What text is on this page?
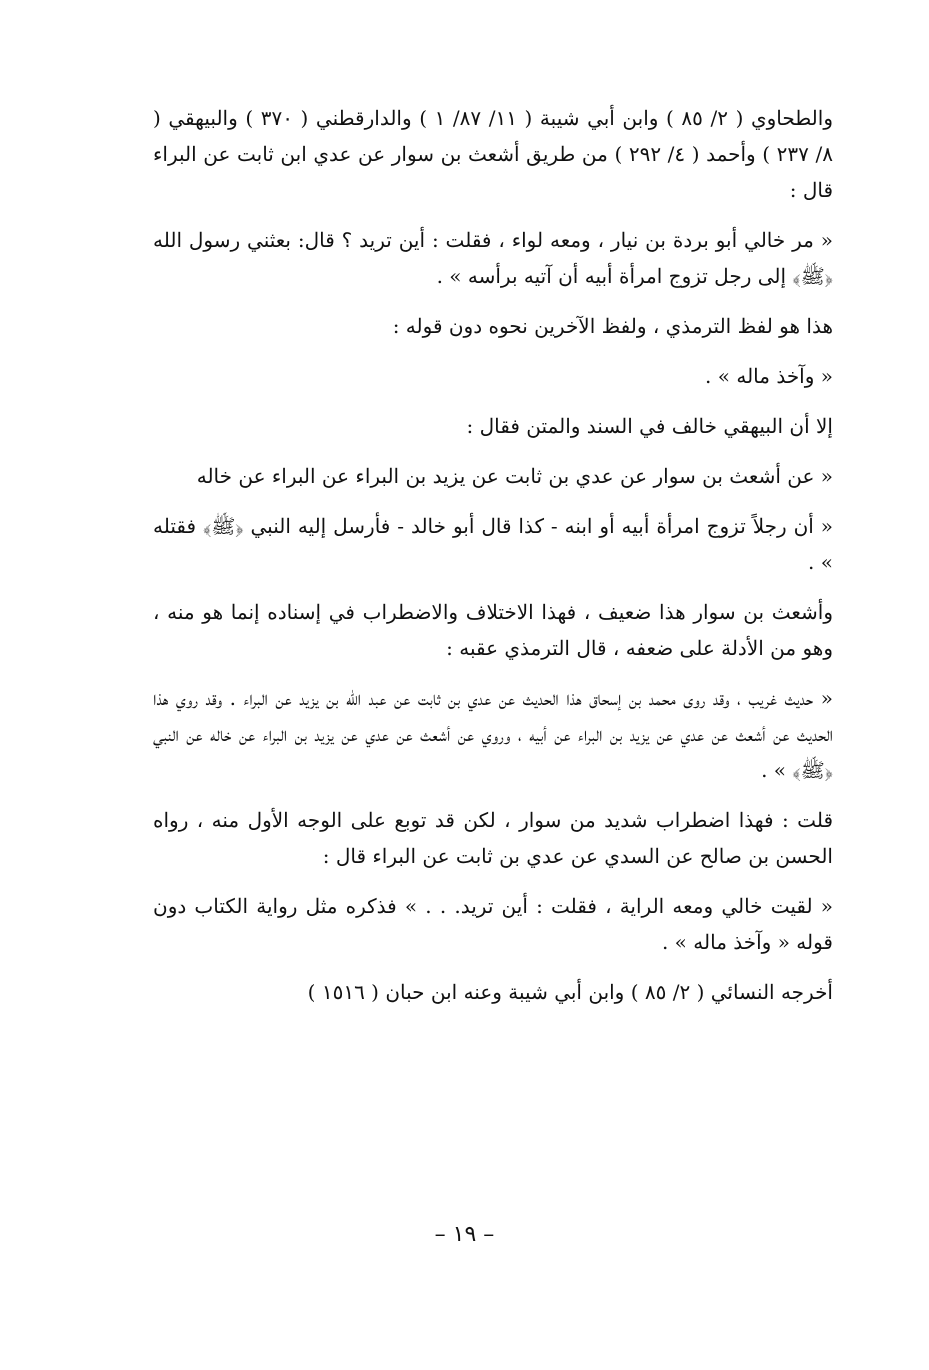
والطحاوي ( ٢/ ٨٥ ) وابن أبي شيبة ( ١١/ ٨٧/ ١ ) والدارقطني ( ٣٧٠ ) والبيهقي ( ٨/ ٢٣٧ ) وأحمد ( ٤/ ٢٩٢ ) من طريق أشعث بن سوار عن عدي ابن ثابت عن البراء قال :

« مر خالي أبو بردة بن نيار ، ومعه لواء ، فقلت : أين تريد ؟ قال: بعثني رسول الله ﴿ﷺ﴾ إلى رجل تزوج امرأة أبيه أن آتيه برأسه » .

هذا هو لفظ الترمذي ، ولفظ الآخرين نحوه دون قوله :

« وآخذ ماله » .

إلا أن البيهقي خالف في السند والمتن فقال :

« عن أشعث بن سوار عن عدي بن ثابت عن يزيد بن البراء عن البراء عن خاله

« أن رجلاً تزوج امرأة أبيه أو ابنه - كذا قال أبو خالد - فأرسل إليه النبي ﴿ﷺ﴾ فقتله » .

وأشعث بن سوار هذا ضعيف ، فهذا الاختلاف والاضطراب في إسناده إنما هو منه ، وهو من الأدلة على ضعفه ، قال الترمذي عقبه :

« حديث غريب ، وقد روى محمد بن إسحاق هذا الحديث عن عدي بن ثابت عن عبد الله بن يزيد عن البراء . وقد روي هذا الحديث عن أشعث عن عدي عن يزيد بن البراء عن أبيه ، وروي عن أشعث عن عدي عن يزيد بن البراء عن خاله عن النبي ﴿ﷺ﴾ » .

قلت : فهذا اضطراب شديد من سوار ، لكن قد توبع على الوجه الأول منه ، رواه الحسن بن صالح عن السدي عن عدي بن ثابت عن البراء قال :

« لقيت خالي ومعه الراية ، فقلت : أين تريد. . . » فذكره مثل رواية الكتاب دون قوله « وآخذ ماله » .

أخرجه النسائي ( ٢/ ٨٥ ) وابن أبي شيبة وعنه ابن حبان ( ١٥١٦ )

– ١٩ –
